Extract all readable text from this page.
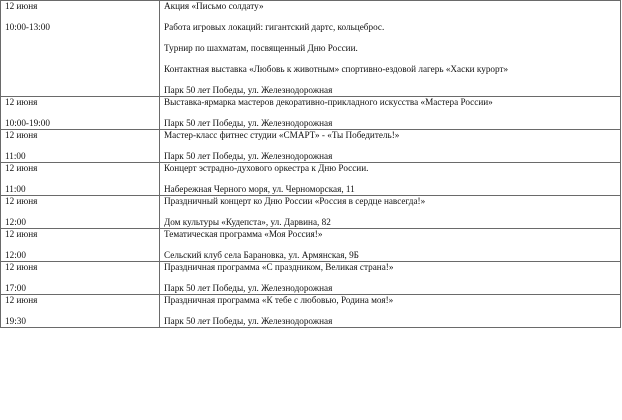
12 июня
10:00-13:00	Акция «Письмо солдату»
Работа игровых локаций: гигантский дартс, кольцеброс.
Турнир по шахматам, посвященный Дню России.
Контактная выставка «Любовь к животным» спортивно-ездовой лагерь «Хаски курорт»
Парк 50 лет Победы, ул. Железнодорожная

12 июня
10:00-19:00	Выставка-ярмарка мастеров декоративно-прикладного искусства «Мастера России»
Парк 50 лет Победы, ул. Железнодорожная

12 июня
11:00	Мастер-класс фитнес студии «СМАРТ» - «Ты Победитель!»
Парк 50 лет Победы, ул. Железнодорожная

12 июня
11:00	Концерт эстрадно-духового оркестра к Дню России.
Набережная Черного моря, ул. Черноморская, 11

12 июня
12:00	Праздничный концерт ко Дню России «Россия в сердце навсегда!»
Дом культуры «Кудепста», ул. Дарвина, 82

12 июня
12:00	Тематическая программа «Моя Россия!»
Сельский клуб села Барановка, ул. Армянская, 9Б

12 июня
17:00	Праздничная программа «С праздником, Великая страна!»
Парк 50 лет Победы, ул. Железнодорожная

12 июня
19:30	Праздничная программа «К тебе с любовью, Родина моя!»
Парк 50 лет Победы, ул. Железнодорожная
